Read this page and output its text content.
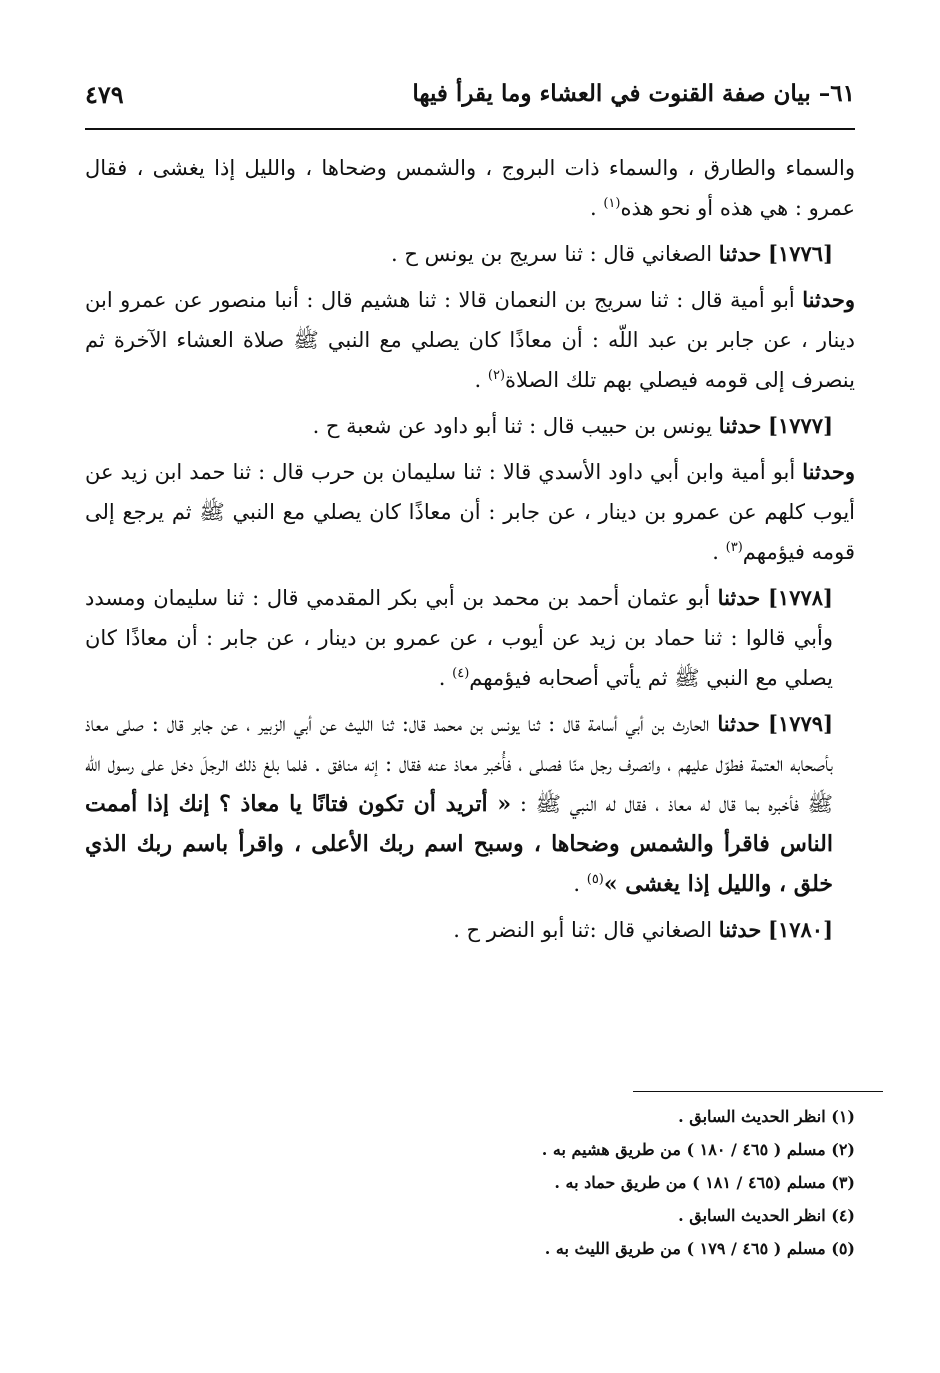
٦١– بيان صفة القنوت في العشاء وما يقرأ فيها
٤٧٩

والسماء والطارق ، والسماء ذات البروج ، والشمس وضحاها ، والليل إذا يغشى ، فقال عمرو : هي هذه أو نحو هذه$^{(١)}$ .

[١٧٧٦] حدثنا الصغاني قال : ثنا سريج بن يونس ح .

وحدثنا أبو أمية قال : ثنا سريج بن النعمان قالا : ثنا هشيم قال : أنبا منصور عن عمرو ابن دينار ، عن جابر بن عبد اللّه : أن معاذًا كان يصلي مع النبي ﷺ صلاة العشاء الآخرة ثم ينصرف إلى قومه فيصلي بهم تلك الصلاة$^{(٢)}$ .

[١٧٧٧] حدثنا يونس بن حبيب قال : ثنا أبو داود عن شعبة ح .

وحدثنا أبو أمية وابن أبي داود الأسدي قالا : ثنا سليمان بن حرب قال : ثنا حمد ابن زيد عن أيوب كلهم عن عمرو بن دينار ، عن جابر : أن معاذًا كان يصلي مع النبي ﷺ ثم يرجع إلى قومه فيؤمهم$^{(٣)}$ .

[١٧٧٨] حدثنا أبو عثمان أحمد بن محمد بن أبي بكر المقدمي قال : ثنا سليمان ومسدد وأبي قالوا : ثنا حماد بن زيد عن أيوب ، عن عمرو بن دينار ، عن جابر : أن معاذًا كان يصلي مع النبي ﷺ ثم يأتي أصحابه فيؤمهم$^{(٤)}$ .

[١٧٧٩] حدثنا الحارث بن أبي أسامة قال : ثنا يونس بن محمد قال: ثنا الليث عن أبي الزبير ، عن جابر قال : صلى معاذ بأصحابه العتمة فطوّل عليهم ، وانصرف رجل منّا فصلى ، فأُخبر معاذ عنه فقال : إنه منافق . فلما بلغ ذلك الرجلَ دخل على رسول اللّه ﷺ فأخبره بما قال له معاذ ، فقال له النبي ﷺ : « أتريد أن تكون فتانًا يا معاذ ؟ إنك إذا أممت الناس فاقرأ والشمس وضحاها ، وسبح اسم ربك الأعلى ، واقرأ باسم ربك الذي خلق ، والليل إذا يغشى »$^{(٥)}$ .

[١٧٨٠] حدثنا الصغاني قال :ثنا أبو النضر ح .

(١) انظر الحديث السابق .

(٢) مسلم ( ٤٦٥ / ١٨٠ ) من طريق هشيم به .

(٣) مسلم (٤٦٥ / ١٨١ ) من طريق حماد به .

(٤) انظر الحديث السابق .

(٥) مسلم ( ٤٦٥ / ١٧٩ ) من طريق الليث به .
